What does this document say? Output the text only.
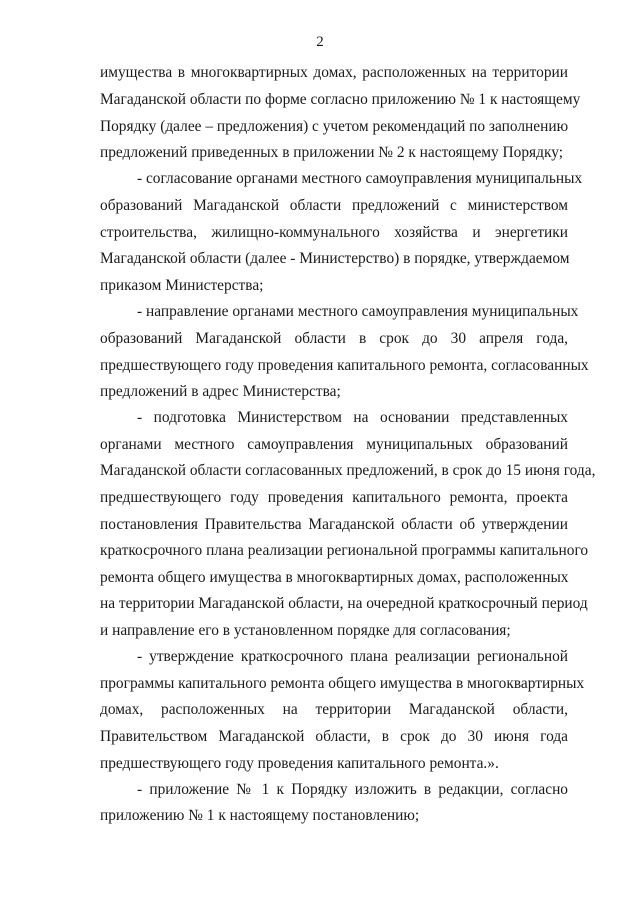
2
имущества в многоквартирных домах, расположенных на территории
Магаданской области по форме согласно приложению № 1 к настоящему
Порядку (далее – предложения) с учетом рекомендаций по заполнению
предложений приведенных в приложении № 2 к настоящему Порядку;
- согласование органами местного самоуправления муниципальных
образований Магаданской области предложений с министерством
строительства, жилищно-коммунального хозяйства и энергетики
Магаданской области (далее - Министерство) в порядке, утверждаемом
приказом Министерства;
- направление органами местного самоуправления муниципальных
образований Магаданской области в срок до 30 апреля года,
предшествующего году проведения капитального ремонта, согласованных
предложений в адрес Министерства;
- подготовка Министерством на основании представленных
органами местного самоуправления муниципальных образований
Магаданской области согласованных предложений, в срок до 15 июня года,
предшествующего году проведения капитального ремонта, проекта
постановления Правительства Магаданской области об утверждении
краткосрочного плана реализации региональной программы капитального
ремонта общего имущества в многоквартирных домах, расположенных
на территории Магаданской области, на очередной краткосрочный период
и направление его в установленном порядке для согласования;
- утверждение краткосрочного плана реализации региональной
программы капитального ремонта общего имущества в многоквартирных
домах, расположенных на территории Магаданской области,
Правительством Магаданской области, в срок до 30 июня года
предшествующего году проведения капитального ремонта.».
- приложение № 1 к Порядку изложить в редакции, согласно
приложению № 1 к настоящему постановлению;
